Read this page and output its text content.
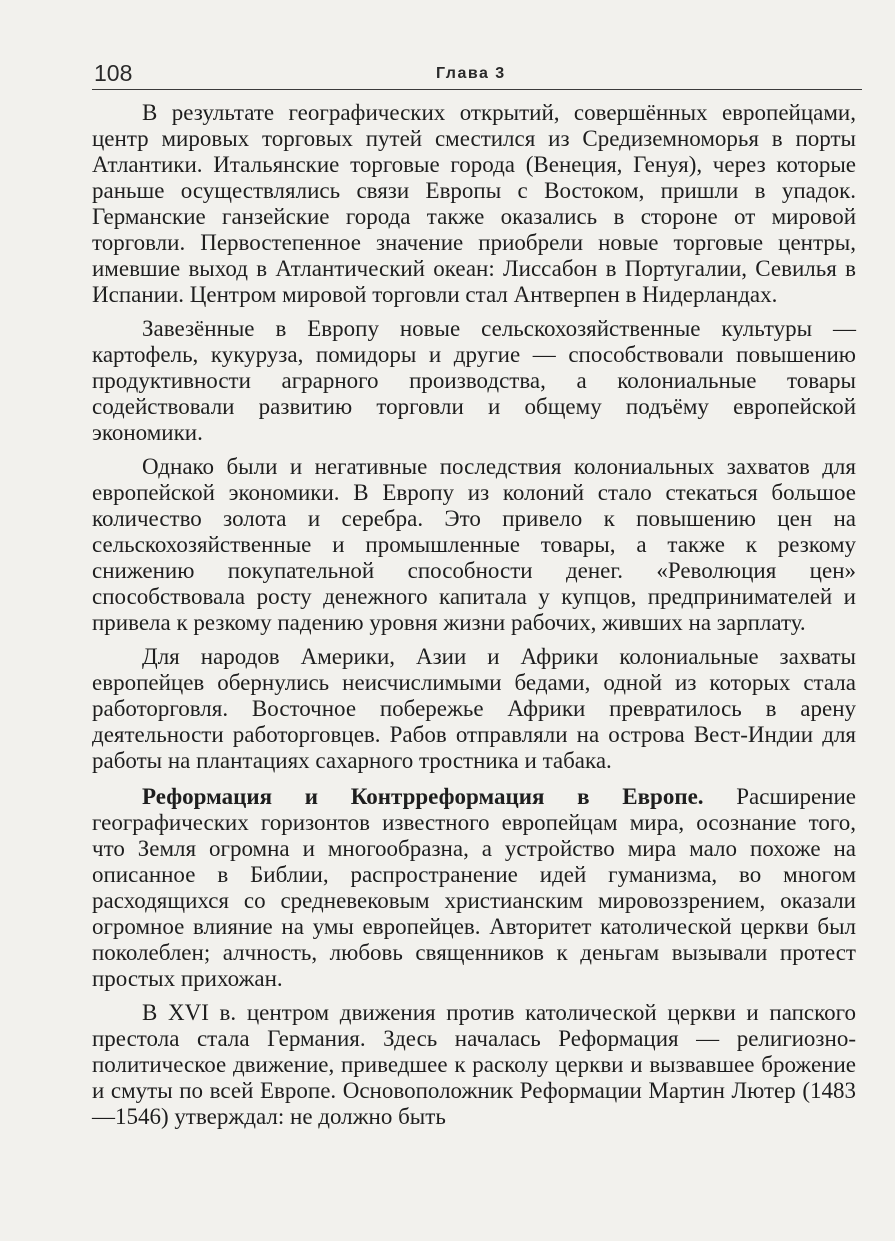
108	Глава 3

В результате географических открытий, совершённых европейцами, центр мировых торговых путей сместился из Средиземноморья в порты Атлантики. Итальянские торговые города (Венеция, Генуя), через которые раньше осуществлялись связи Европы с Востоком, пришли в упадок. Германские ганзейские города также оказались в стороне от мировой торговли. Первостепенное значение приобрели новые торговые центры, имевшие выход в Атлантический океан: Лиссабон в Португалии, Севилья в Испании. Центром мировой торговли стал Антверпен в Нидерландах.

Завезённые в Европу новые сельскохозяйственные культуры — картофель, кукуруза, помидоры и другие — способствовали повышению продуктивности аграрного производства, а колониальные товары содействовали развитию торговли и общему подъёму европейской экономики.

Однако были и негативные последствия колониальных захватов для европейской экономики. В Европу из колоний стало стекаться большое количество золота и серебра. Это привело к повышению цен на сельскохозяйственные и промышленные товары, а также к резкому снижению покупательной способности денег. «Революция цен» способствовала росту денежного капитала у купцов, предпринимателей и привела к резкому падению уровня жизни рабочих, живших на зарплату.

Для народов Америки, Азии и Африки колониальные захваты европейцев обернулись неисчислимыми бедами, одной из которых стала работорговля. Восточное побережье Африки превратилось в арену деятельности работорговцев. Рабов отправляли на острова Вест-Индии для работы на плантациях сахарного тростника и табака.

Реформация и Контрреформация в Европе. Расширение географических горизонтов известного европейцам мира, осознание того, что Земля огромна и многообразна, а устройство мира мало похоже на описанное в Библии, распространение идей гуманизма, во многом расходящихся со средневековым христианским мировоззрением, оказали огромное влияние на умы европейцев. Авторитет католической церкви был поколеблен; алчность, любовь священников к деньгам вызывали протест простых прихожан.

В XVI в. центром движения против католической церкви и папского престола стала Германия. Здесь началась Реформация — религиозно-политическое движение, приведшее к расколу церкви и вызвавшее брожение и смуты по всей Европе. Основоположник Реформации Мартин Лютер (1483—1546) утверждал: не должно быть
